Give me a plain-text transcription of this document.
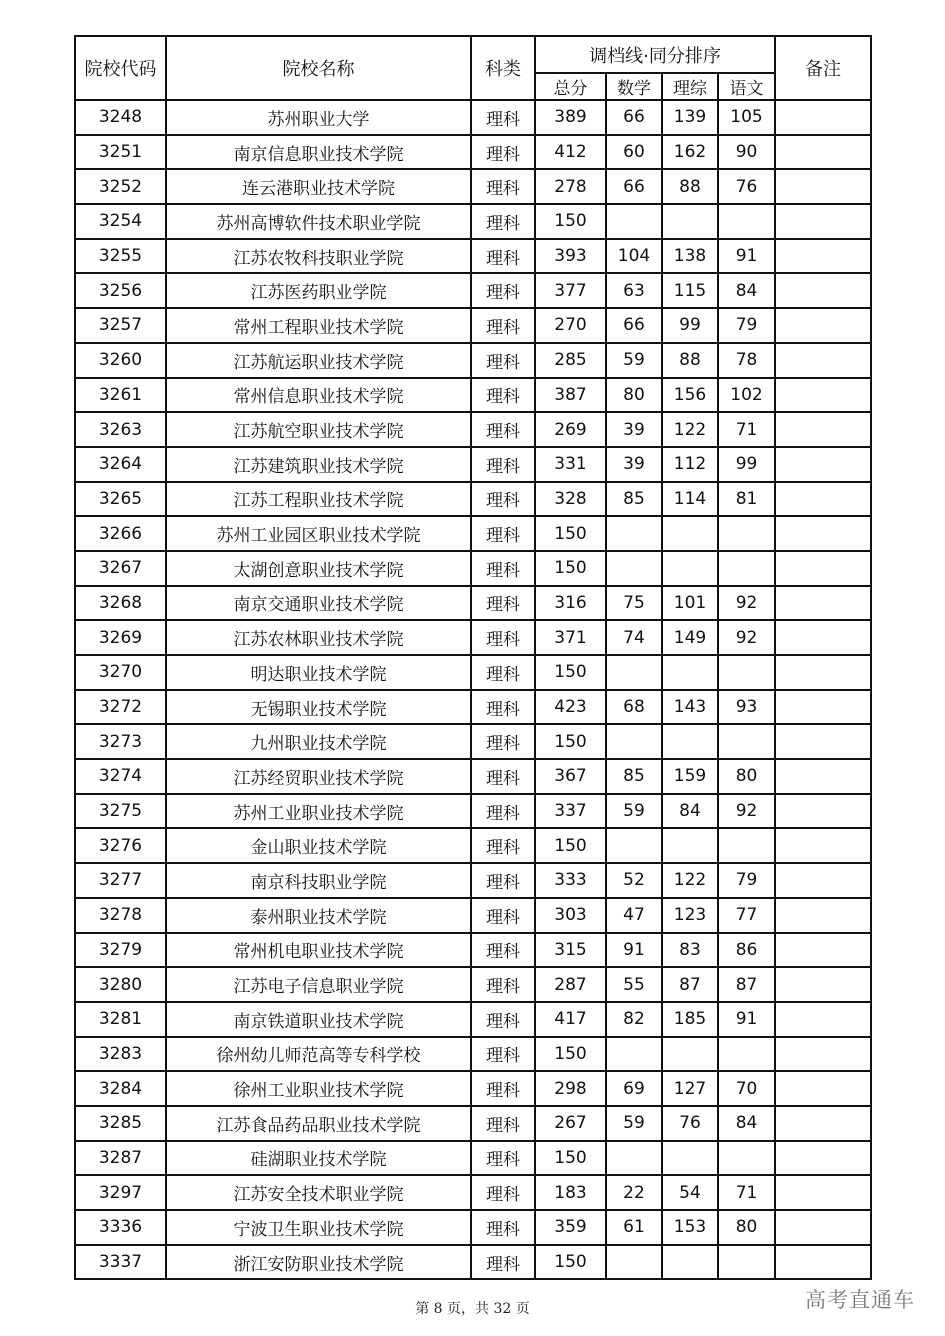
院校代码	院校名称	科类	调档线·同分排序				备注
			总分	数学	理综	语文	
3248	苏州职业大学	理科	389	66	139	105	
3251	南京信息职业技术学院	理科	412	60	162	90	
3252	连云港职业技术学院	理科	278	66	88	76	
3254	苏州高博软件技术职业学院	理科	150				
3255	江苏农牧科技职业学院	理科	393	104	138	91	
3256	江苏医药职业学院	理科	377	63	115	84	
3257	常州工程职业技术学院	理科	270	66	99	79	
3260	江苏航运职业技术学院	理科	285	59	88	78	
3261	常州信息职业技术学院	理科	387	80	156	102	
3263	江苏航空职业技术学院	理科	269	39	122	71	
3264	江苏建筑职业技术学院	理科	331	39	112	99	
3265	江苏工程职业技术学院	理科	328	85	114	81	
3266	苏州工业园区职业技术学院	理科	150				
3267	太湖创意职业技术学院	理科	150				
3268	南京交通职业技术学院	理科	316	75	101	92	
3269	江苏农林职业技术学院	理科	371	74	149	92	
3270	明达职业技术学院	理科	150				
3272	无锡职业技术学院	理科	423	68	143	93	
3273	九州职业技术学院	理科	150				
3274	江苏经贸职业技术学院	理科	367	85	159	80	
3275	苏州工业职业技术学院	理科	337	59	84	92	
3276	金山职业技术学院	理科	150				
3277	南京科技职业学院	理科	333	52	122	79	
3278	泰州职业技术学院	理科	303	47	123	77	
3279	常州机电职业技术学院	理科	315	91	83	86	
3280	江苏电子信息职业学院	理科	287	55	87	87	
3281	南京铁道职业技术学院	理科	417	82	185	91	
3283	徐州幼儿师范高等专科学校	理科	150				
3284	徐州工业职业技术学院	理科	298	69	127	70	
3285	江苏食品药品职业技术学院	理科	267	59	76	84	
3287	硅湖职业技术学院	理科	150				
3297	江苏安全技术职业学院	理科	183	22	54	71	
3336	宁波卫生职业技术学院	理科	359	61	153	80	
3337	浙江安防职业技术学院	理科	150				
第 8 页，共 32 页	高考直通车
